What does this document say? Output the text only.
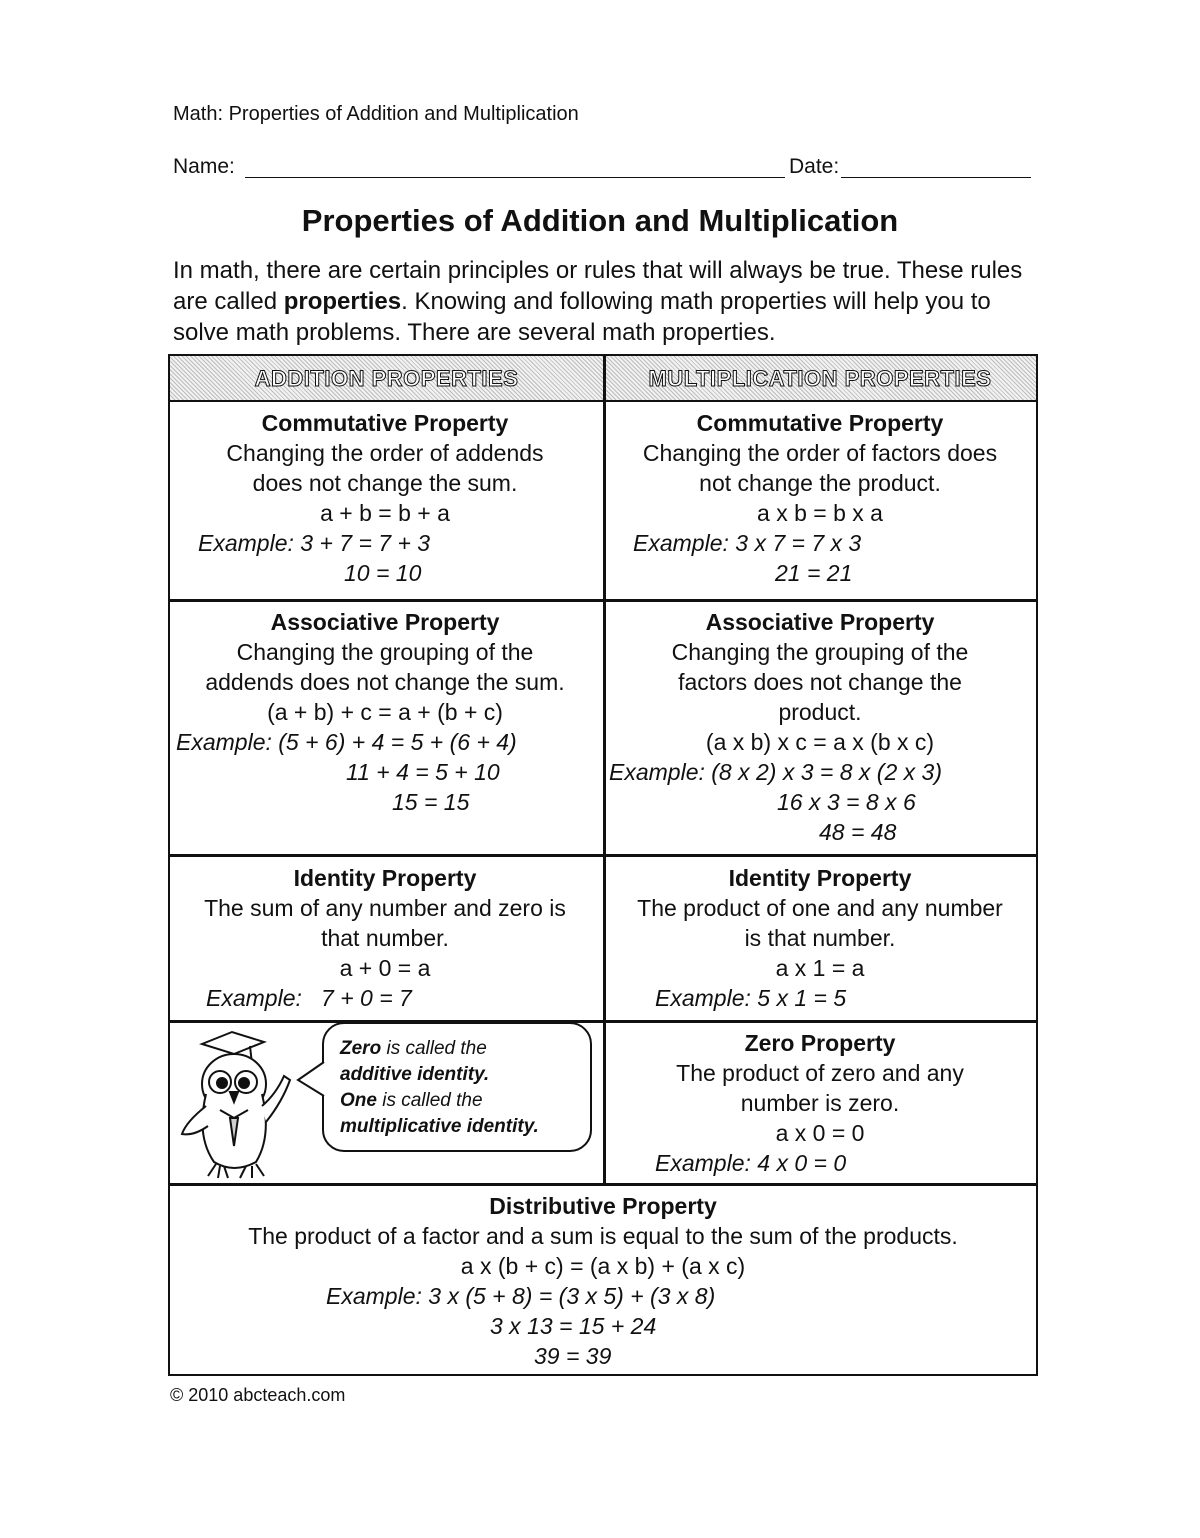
Math: Properties of Addition and Multiplication
Name:	Date:
Properties of Addition and Multiplication
In math, there are certain principles or rules that will always be true. These rules are called properties. Knowing and following math properties will help you to solve math problems. There are several math properties.
ADDITION PROPERTIES	MULTIPLICATION PROPERTIES
Commutative Property
Changing the order of addends
does not change the sum.
a + b = b + a
Example: 3 + 7 = 7 + 3
10 = 10
Commutative Property
Changing the order of factors does
not change the product.
a x b = b x a
Example: 3 x 7 = 7 x 3
21 = 21
Associative Property
Changing the grouping of the
addends does not change the sum.
(a + b) + c = a + (b + c)
Example: (5 + 6) + 4 = 5 + (6 + 4)
11 + 4 = 5 + 10
15 = 15
Associative Property
Changing the grouping of the
factors does not change the
product.
(a x b) x c = a x (b x c)
Example: (8 x 2) x 3 = 8 x (2 x 3)
16 x 3 = 8 x 6
48 = 48
Identity Property
The sum of any number and zero is
that number.
a + 0 = a
Example:   7 + 0 = 7
Identity Property
The product of one and any number
is that number.
a x 1 = a
Example: 5 x 1 = 5
Zero is called the
additive identity.
One is called the
multiplicative identity.
Zero Property
The product of zero and any
number is zero.
a x 0 = 0
Example: 4 x 0 = 0
Distributive Property
The product of a factor and a sum is equal to the sum of the products.
a x (b + c) = (a x b) + (a x c)
Example: 3 x (5 + 8) = (3 x 5) + (3 x 8)
3 x 13 = 15 + 24
39 = 39
© 2010 abcteach.com
